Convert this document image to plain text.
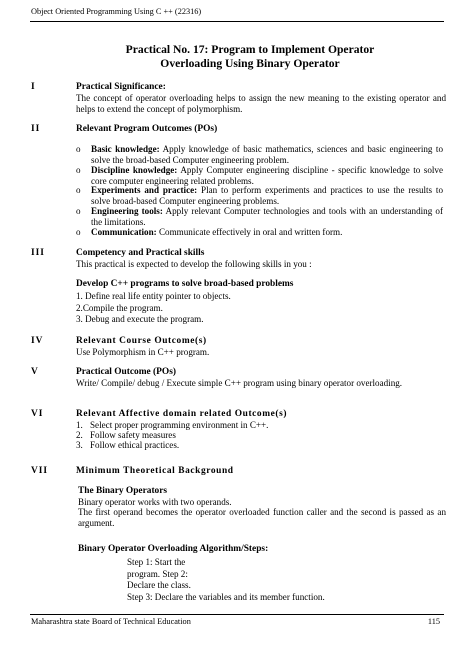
Object Oriented Programming Using C ++ (22316)
Practical No. 17: Program to Implement Operator
Overloading Using Binary Operator
I	Practical Significance:
The concept of operator overloading helps to assign the new meaning to the existing operator and helps to extend the concept of polymorphism.
II	Relevant Program Outcomes (POs)
o Basic knowledge: Apply knowledge of basic mathematics, sciences and basic engineering to solve the broad-based Computer engineering problem.
o Discipline knowledge: Apply Computer engineering discipline - specific knowledge to solve core computer engineering related problems.
o Experiments and practice: Plan to perform experiments and practices to use the results to solve broad-based Computer engineering problems.
o Engineering tools: Apply relevant Computer technologies and tools with an understanding of the limitations.
o Communication: Communicate effectively in oral and written form.
III	Competency and Practical skills
This practical is expected to develop the following skills in you :
Develop C++ programs to solve broad-based problems
1. Define real life entity pointer to objects.
2.Compile the program.
3. Debug and execute the program.
IV	Relevant Course Outcome(s)
Use Polymorphism in C++ program.
V	Practical Outcome (POs)
Write/ Compile/ debug / Execute simple C++ program using binary operator overloading.
VI	Relevant Affective domain related Outcome(s)
1. Select proper programming environment in C++.
2. Follow safety measures
3. Follow ethical practices.
VII	Minimum Theoretical Background
The Binary Operators
Binary operator works with two operands.
The first operand becomes the operator overloaded function caller and the second is passed as an argument.
Binary Operator Overloading Algorithm/Steps:
Step 1: Start the
program. Step 2:
Declare the class.
Step 3: Declare the variables and its member function.
Maharashtra state Board of Technical Education	115
